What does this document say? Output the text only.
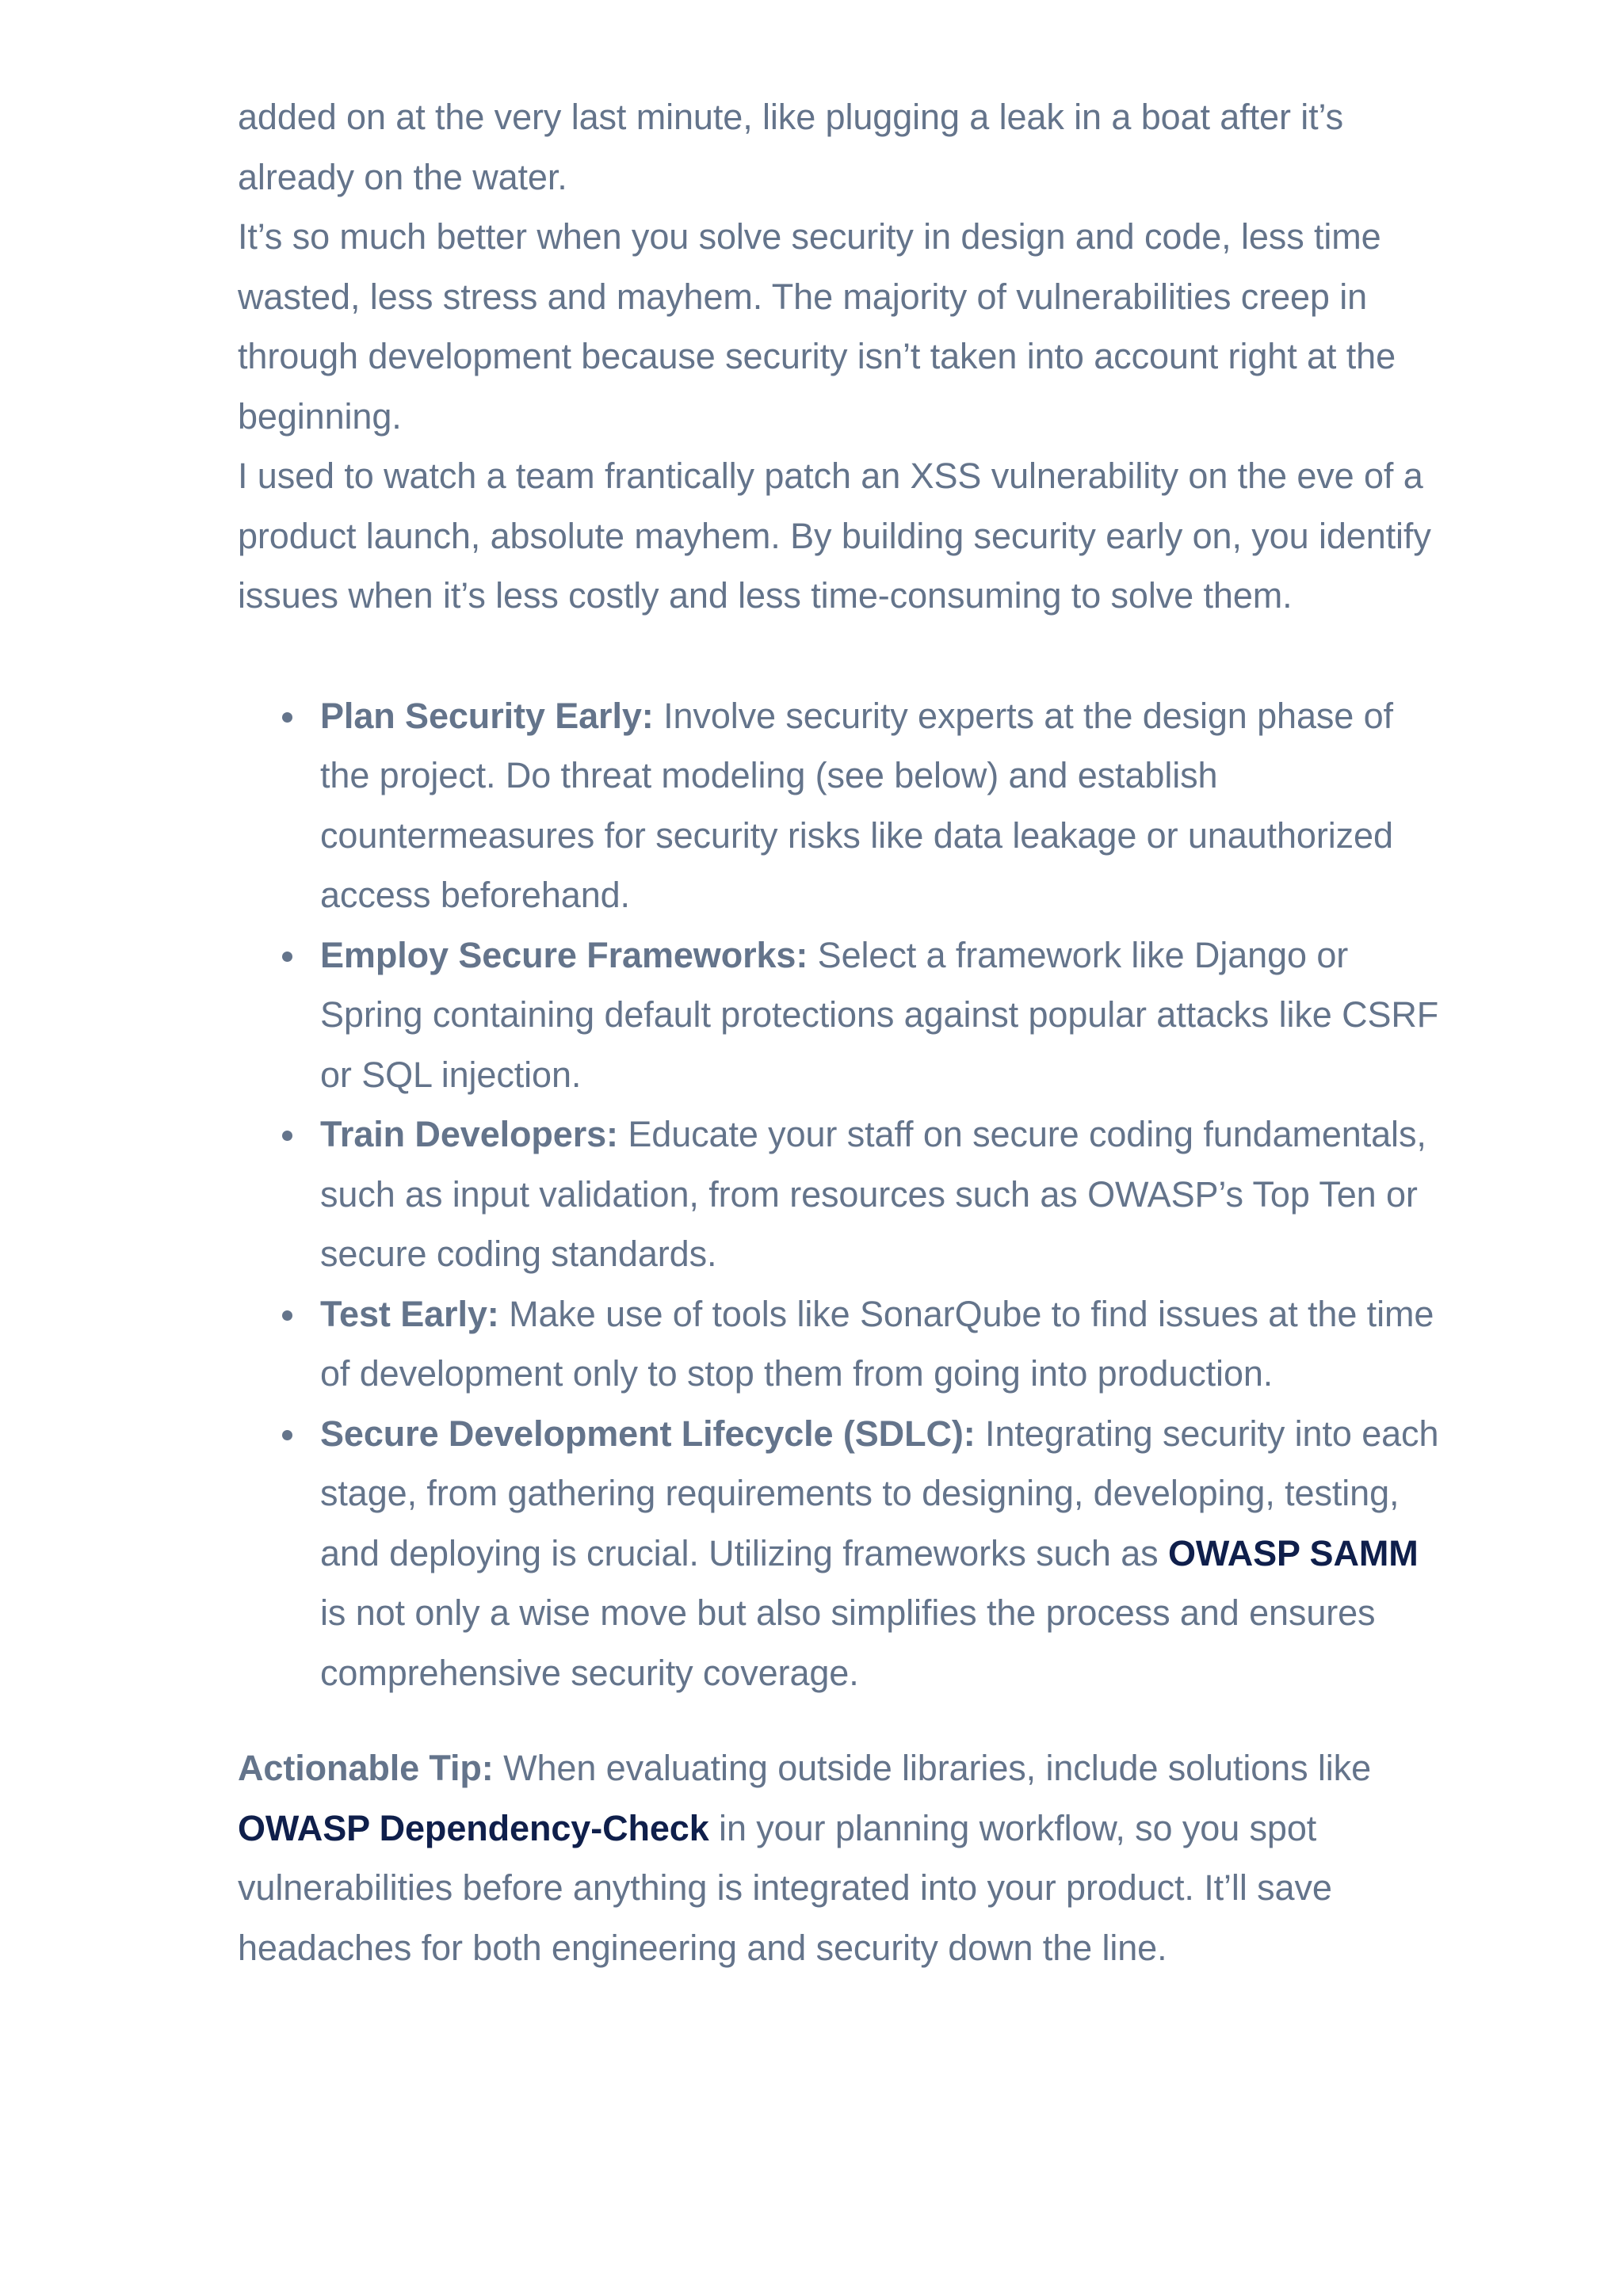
added on at the very last minute, like plugging a leak in a boat after it’s already on the water.

It’s so much better when you solve security in design and code, less time wasted, less stress and mayhem. The majority of vulnerabilities creep in through development because security isn’t taken into account right at the beginning.

I used to watch a team frantically patch an XSS vulnerability on the eve of a product launch, absolute mayhem. By building security early on, you identify issues when it’s less costly and less time-consuming to solve them.

Plan Security Early: Involve security experts at the design phase of the project. Do threat modeling (see below) and establish countermeasures for security risks like data leakage or unauthorized access beforehand.
Employ Secure Frameworks: Select a framework like Django or Spring containing default protections against popular attacks like CSRF or SQL injection.
Train Developers: Educate your staff on secure coding fundamentals, such as input validation, from resources such as OWASP’s Top Ten or secure coding standards.
Test Early: Make use of tools like SonarQube to find issues at the time of development only to stop them from going into production.
Secure Development Lifecycle (SDLC): Integrating security into each stage, from gathering requirements to designing, developing, testing, and deploying is crucial. Utilizing frameworks such as OWASP SAMM is not only a wise move but also simplifies the process and ensures comprehensive security coverage.

Actionable Tip: When evaluating outside libraries, include solutions like OWASP Dependency-Check in your planning workflow, so you spot vulnerabilities before anything is integrated into your product. It’ll save headaches for both engineering and security down the line.
